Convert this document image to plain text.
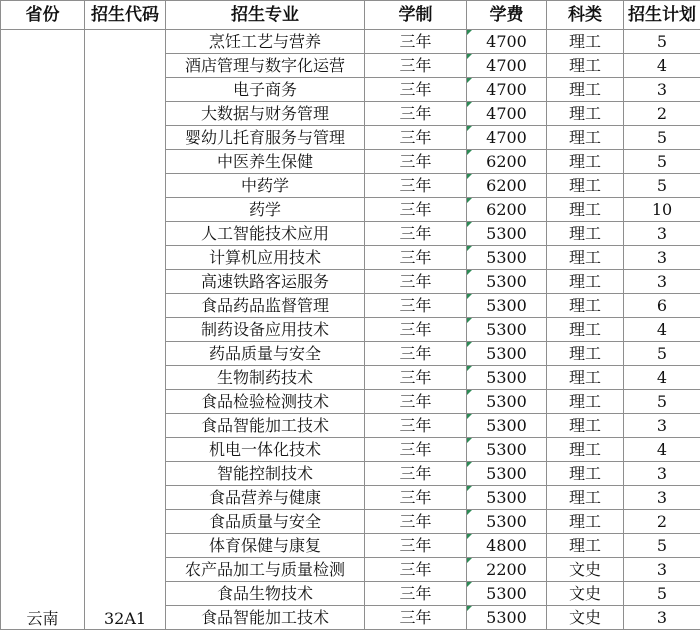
省份	招生代码	招生专业	学制	学费	科类	招生计划
云南	32A1	烹饪工艺与营养	三年	4700	理工	5
		酒店管理与数字化运营	三年	4700	理工	4
		电子商务	三年	4700	理工	3
		大数据与财务管理	三年	4700	理工	2
		婴幼儿托育服务与管理	三年	4700	理工	5
		中医养生保健	三年	6200	理工	5
		中药学	三年	6200	理工	5
		药学	三年	6200	理工	10
		人工智能技术应用	三年	5300	理工	3
		计算机应用技术	三年	5300	理工	3
		高速铁路客运服务	三年	5300	理工	3
		食品药品监督管理	三年	5300	理工	6
		制药设备应用技术	三年	5300	理工	4
		药品质量与安全	三年	5300	理工	5
		生物制药技术	三年	5300	理工	4
		食品检验检测技术	三年	5300	理工	5
		食品智能加工技术	三年	5300	理工	3
		机电一体化技术	三年	5300	理工	4
		智能控制技术	三年	5300	理工	3
		食品营养与健康	三年	5300	理工	3
		食品质量与安全	三年	5300	理工	2
		体育保健与康复	三年	4800	理工	5
		农产品加工与质量检测	三年	2200	文史	3
		食品生物技术	三年	5300	文史	5
		食品智能加工技术	三年	5300	文史	3
